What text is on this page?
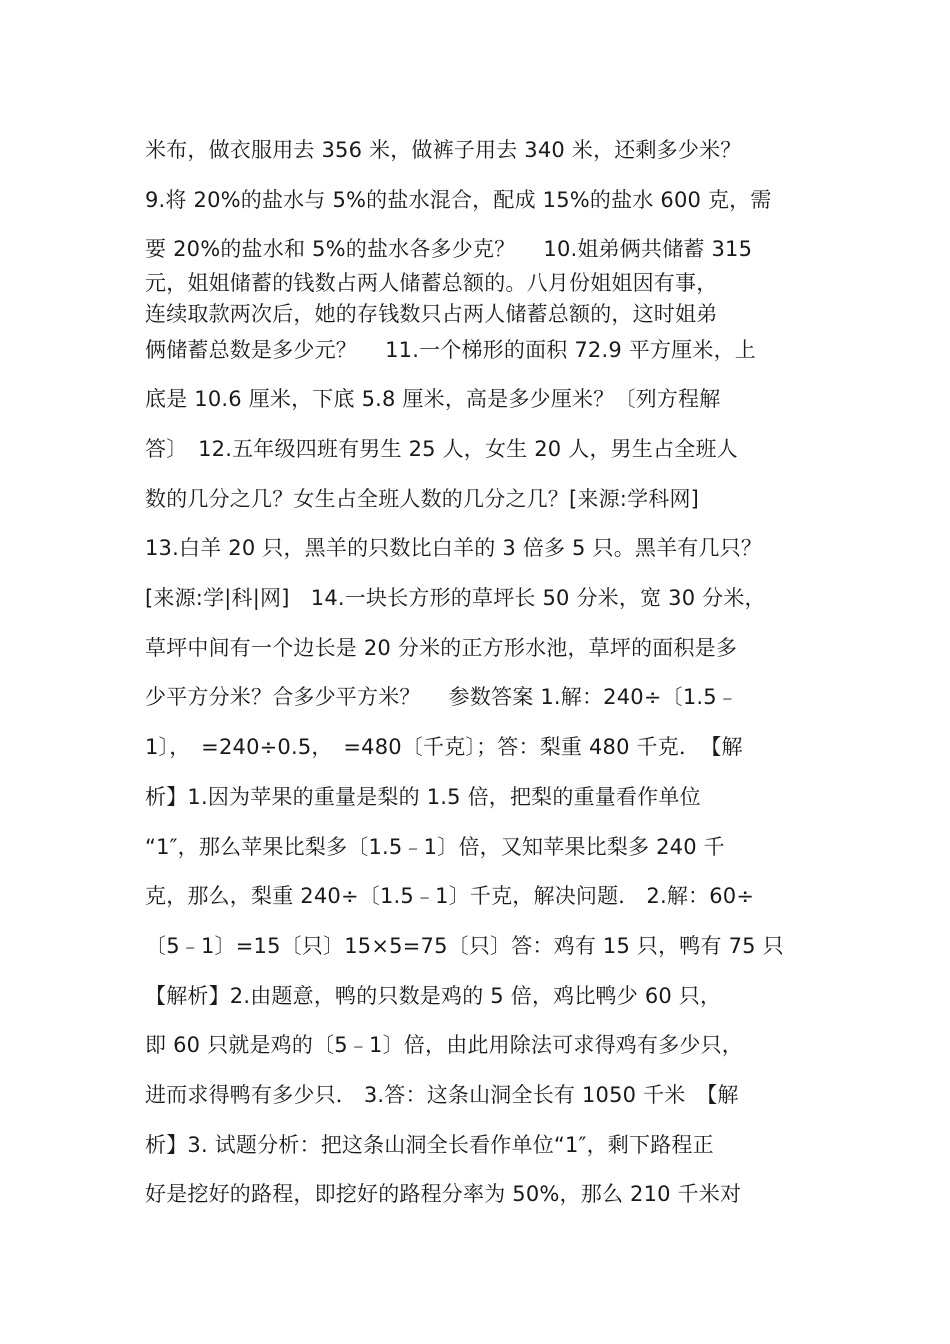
米布，做衣服用去 356 米，做裤子用去 340 米，还剩多少米？
9.将 20%的盐水与 5%的盐水混合，配成 15%的盐水 600 克，需
要 20%的盐水和 5%的盐水各多少克？　 10.姐弟俩共储蓄 315
元，姐姐储蓄的钱数占两人储蓄总额的。八月份姐姐因有事，
连续取款两次后，她的存钱数只占两人储蓄总额的，这时姐弟
俩储蓄总数是多少元？　 11.一个梯形的面积 72.9 平方厘米，上
底是 10.6 厘米，下底 5.8 厘米，高是多少厘米？〔列方程解
答〕　12.五年级四班有男生 25 人，女生 20 人，男生占全班人
数的几分之几？女生占全班人数的几分之几？[来源:学科网]
13.白羊 20 只，黑羊的只数比白羊的 3 倍多 5 只。黑羊有几只？
[来源:学|科|网]　14.一块长方形的草坪长 50 分米，宽 30 分米，
草坪中间有一个边长是 20 分米的正方形水池，草坪的面积是多
少平方分米？合多少平方米？　 参数答案 1.解：240÷〔1.5﹣
1〕，　=240÷0.5，　=480〔千克〕；答：梨重 480 千克．　【解
析】1.因为苹果的重量是梨的 1.5 倍，把梨的重量看作单位
“1″，那么苹果比梨多〔1.5﹣1〕倍，又知苹果比梨多 240 千
克，那么，梨重 240÷〔1.5﹣1〕千克，解决问题． 2.解：60÷
〔5﹣1〕=15〔只〕15×5=75〔只〕答：鸡有 15 只，鸭有 75 只
【解析】2.由题意，鸭的只数是鸡的 5 倍，鸡比鸭少 60 只，
即 60 只就是鸡的〔5﹣1〕倍，由此用除法可求得鸡有多少只，
进而求得鸭有多少只． 3.答：这条山洞全长有 1050 千米　【解
析】3. 试题分析：把这条山洞全长看作单位“1″，剩下路程正
好是挖好的路程，即挖好的路程分率为 50%，那么 210 千米对
